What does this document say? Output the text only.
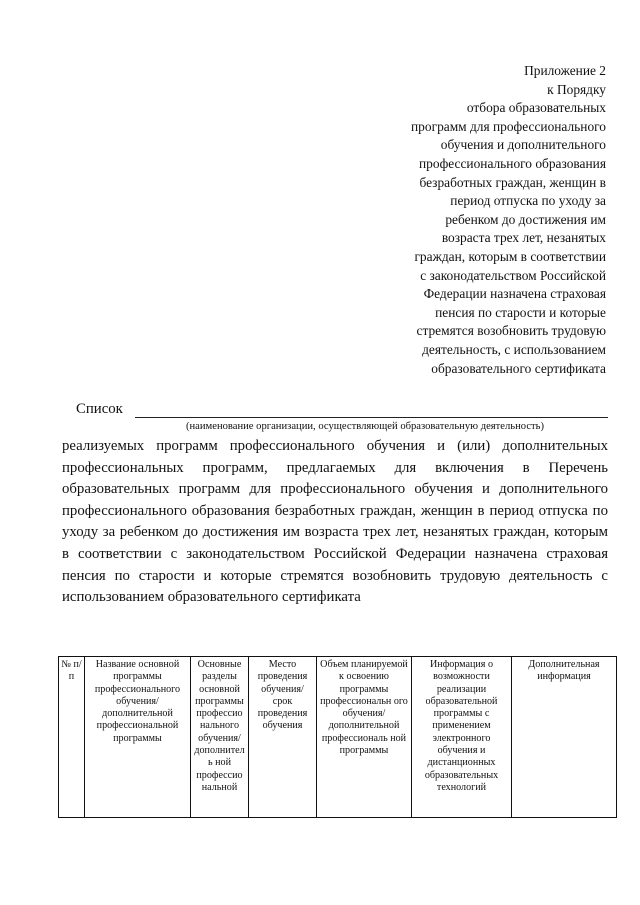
Приложение 2
к Порядку
отбора образовательных
программ для профессионального
обучения и дополнительного
профессионального образования
безработных граждан, женщин в
период отпуска по уходу за
ребенком до достижения им
возраста трех лет, незанятых
граждан, которым в соответствии
с законодательством Российской
Федерации назначена страховая
пенсия по старости и которые
стремятся возобновить трудовую
деятельность, с использованием
образовательного сертификата
Список
(наименование организации, осуществляющей образовательную деятельность)
реализуемых программ профессионального обучения и (или) дополнительных профессиональных программ, предлагаемых для включения в Перечень образовательных программ для профессионального обучения и дополнительного профессионального образования безработных граждан, женщин в период отпуска по уходу за ребенком до достижения им возраста трех лет, незанятых граждан, которым в соответствии с законодательством Российской Федерации назначена страховая пенсия по старости и которые стремятся возобновить трудовую деятельность с использованием образовательного сертификата
№ п/п	Название основной программы профессионального обучения/ дополнительной профессиональной программы	Основные разделы основной программы профессио нального обучения/ дополнитель ной профессио нальной	Место проведения обучения/ срок проведения обучения	Объем планируемой к освоению программы профессиональн ого обучения/ дополнительной профессиональ ной программы	Информация о возможности реализации образовательной программы с применением электронного обучения и дистанционных образовательных технологий	Дополнительная информация
